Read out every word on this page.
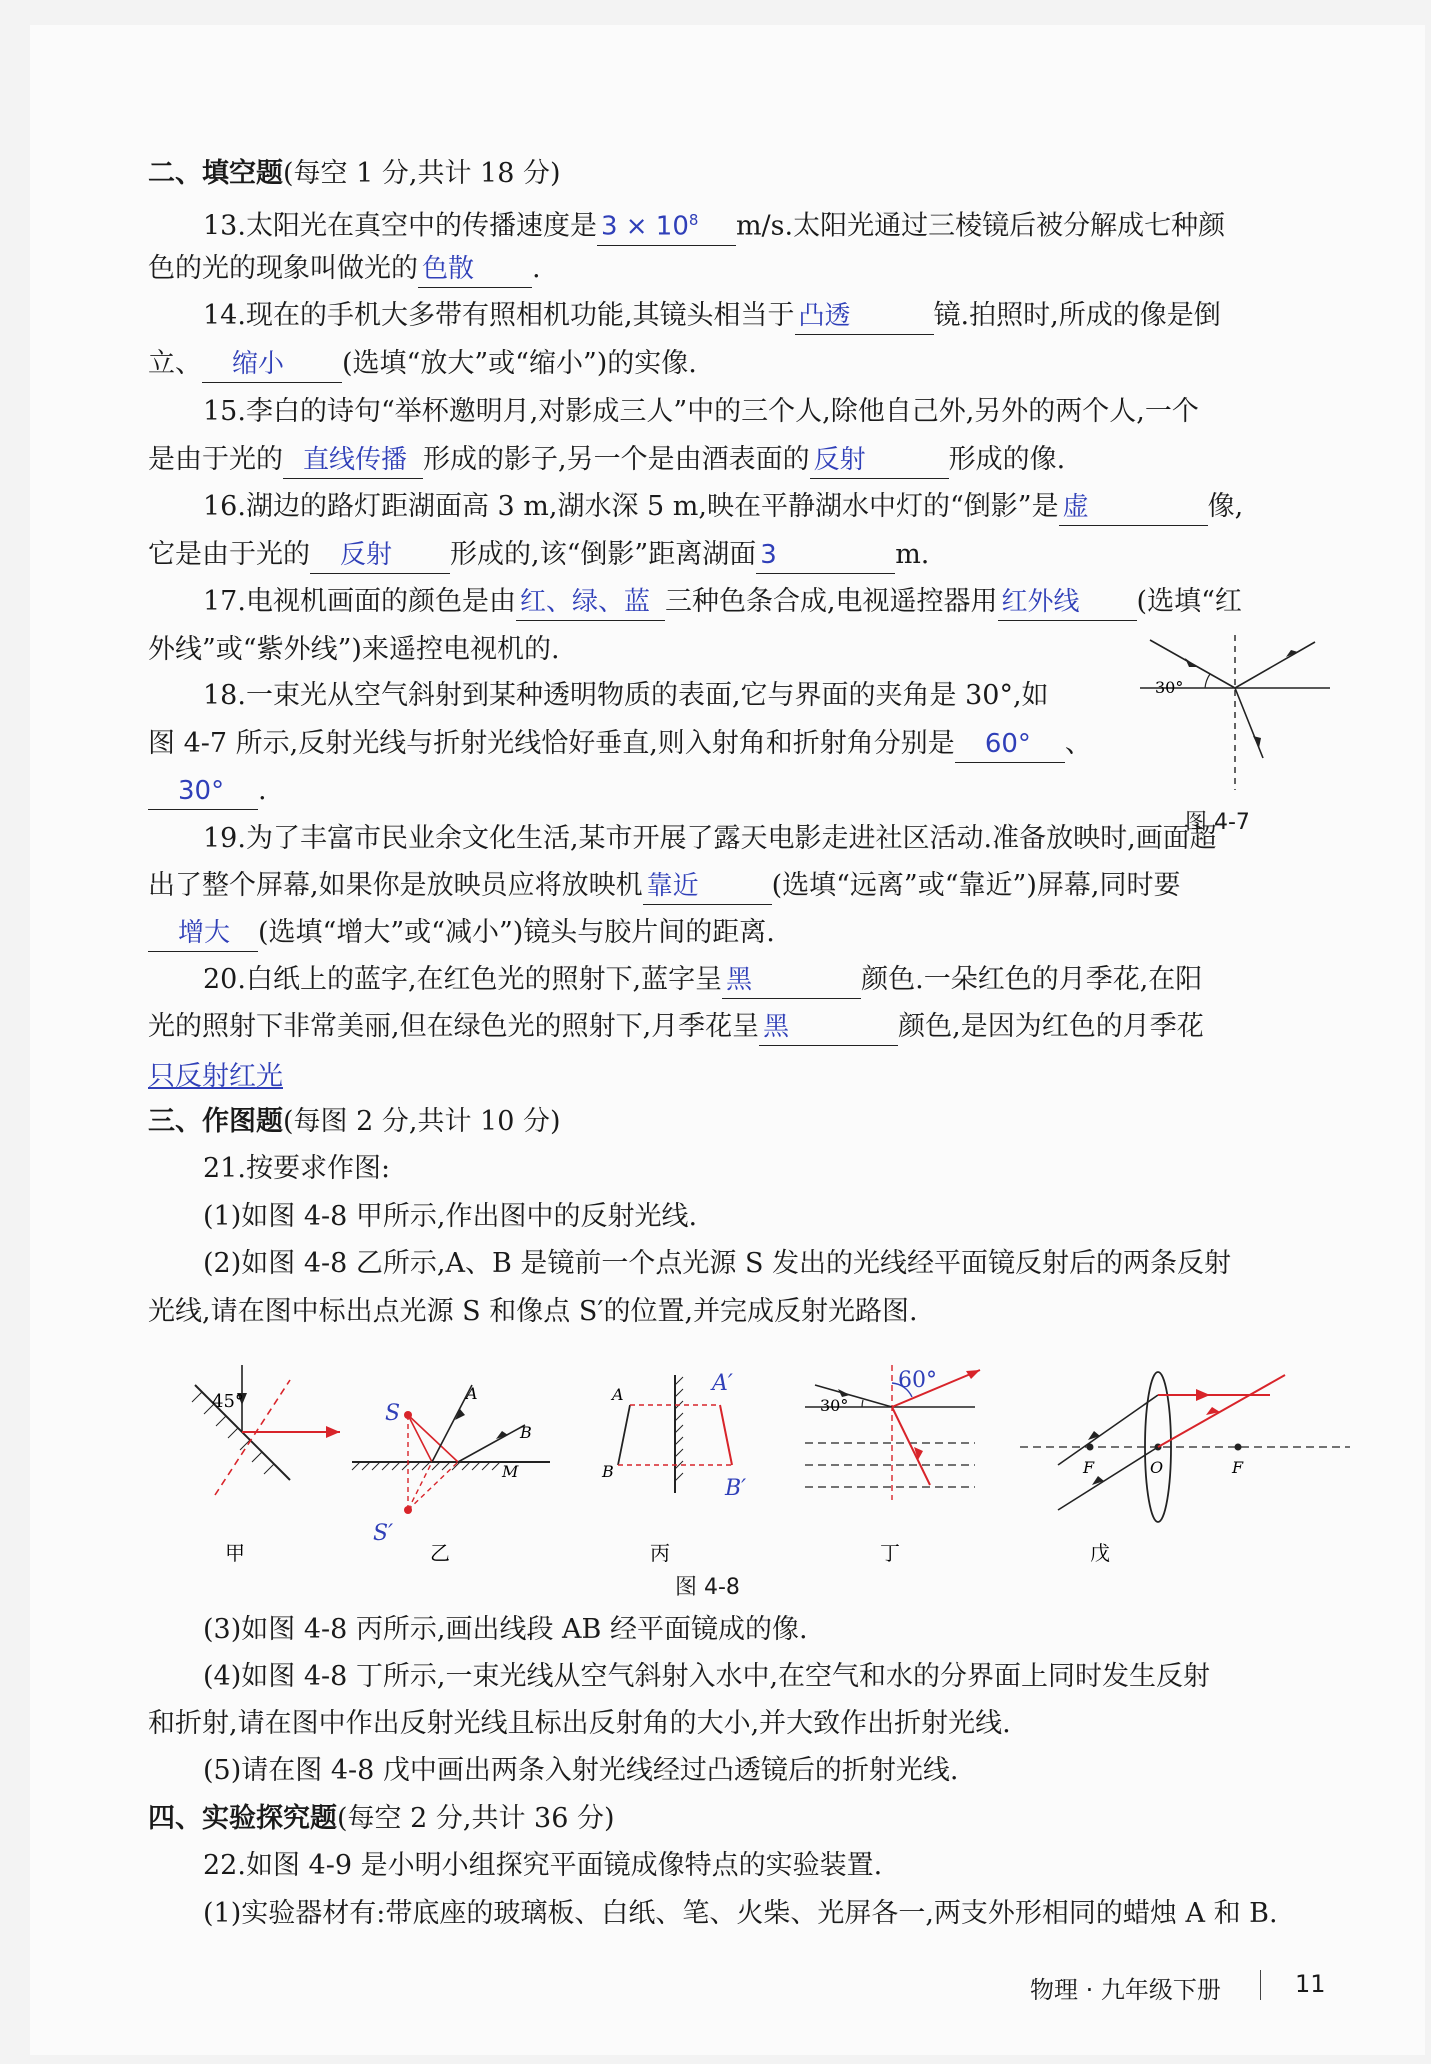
二、填空题(每空 1 分,共计 18 分)
13.太阳光在真空中的传播速度是 $3 \times 10^8$ m/s.太阳光通过三棱镜后被分解成七种颜
色的光的现象叫做光的 色散 .
14.现在的手机大多带有照相机功能,其镜头相当于 凸透	镜.拍照时,所成的像是倒
立、 缩小 (选填“放大”或“缩小”)的实像.
15.李白的诗句“举杯邀明月,对影成三人”中的三个人,除他自己外,另外的两个人,一个
是由于光的 直线传播 形成的影子,另一个是由酒表面的 反射	形成的像.
16.湖边的路灯距湖面高 3 m,湖水深 5 m,映在平静湖水中灯的“倒影”是 虚	像,
它是由于光的 反射 形成的,该“倒影”距离湖面 3	m.
17.电视机画面的颜色是由 红、绿、蓝 三种色条合成,电视遥控器用 红外线 (选填“红
外线”或“紫外线”)来遥控电视机的.
18.一束光从空气斜射到某种透明物质的表面,它与界面的夹角是 30°,如
图 4-7 所示,反射光线与折射光线恰好垂直,则入射角和折射角分别是 60° 、
30° .
19.为了丰富市民业余文化生活,某市开展了露天电影走进社区活动.准备放映时,画面超
出了整个屏幕,如果你是放映员应将放映机 靠近	(选填“远离”或“靠近”)屏幕,同时要
增大 (选填“增大”或“减小”)镜头与胶片间的距离.
20.白纸上的蓝字,在红色光的照射下,蓝字呈 黑	颜色.一朵红色的月季花,在阳
光的照射下非常美丽,但在绿色光的照射下,月季花呈 黑	颜色,是因为红色的月季花
只反射红光
三、作图题(每图 2 分,共计 10 分)
21.按要求作图:
(1)如图 4-8 甲所示,作出图中的反射光线.
(2)如图 4-8 乙所示,A、B 是镜前一个点光源 S 发出的光线经平面镜反射后的两条反射
光线,请在图中标出点光源 S 和像点 S′的位置,并完成反射光路图.
(3)如图 4-8 丙所示,画出线段 AB 经平面镜成的像.
(4)如图 4-8 丁所示,一束光线从空气斜射入水中,在空气和水的分界面上同时发生反射
和折射,请在图中作出反射光线且标出反射角的大小,并大致作出折射光线.
(5)请在图 4-8 戊中画出两条入射光线经过凸透镜后的折射光线.
四、实验探究题(每空 2 分,共计 36 分)
22.如图 4-9 是小明小组探究平面镜成像特点的实验装置.
(1)实验器材有:带底座的玻璃板、白纸、笔、火柴、光屏各一,两支外形相同的蜡烛 A 和 B.
30°
图 4-7
45°
甲
S
S′
A
B
M
乙
A
B
A′
B′
丙
30°
60°
丁
F	O	F
戊
图 4-8
物理 · 九年级下册	11
